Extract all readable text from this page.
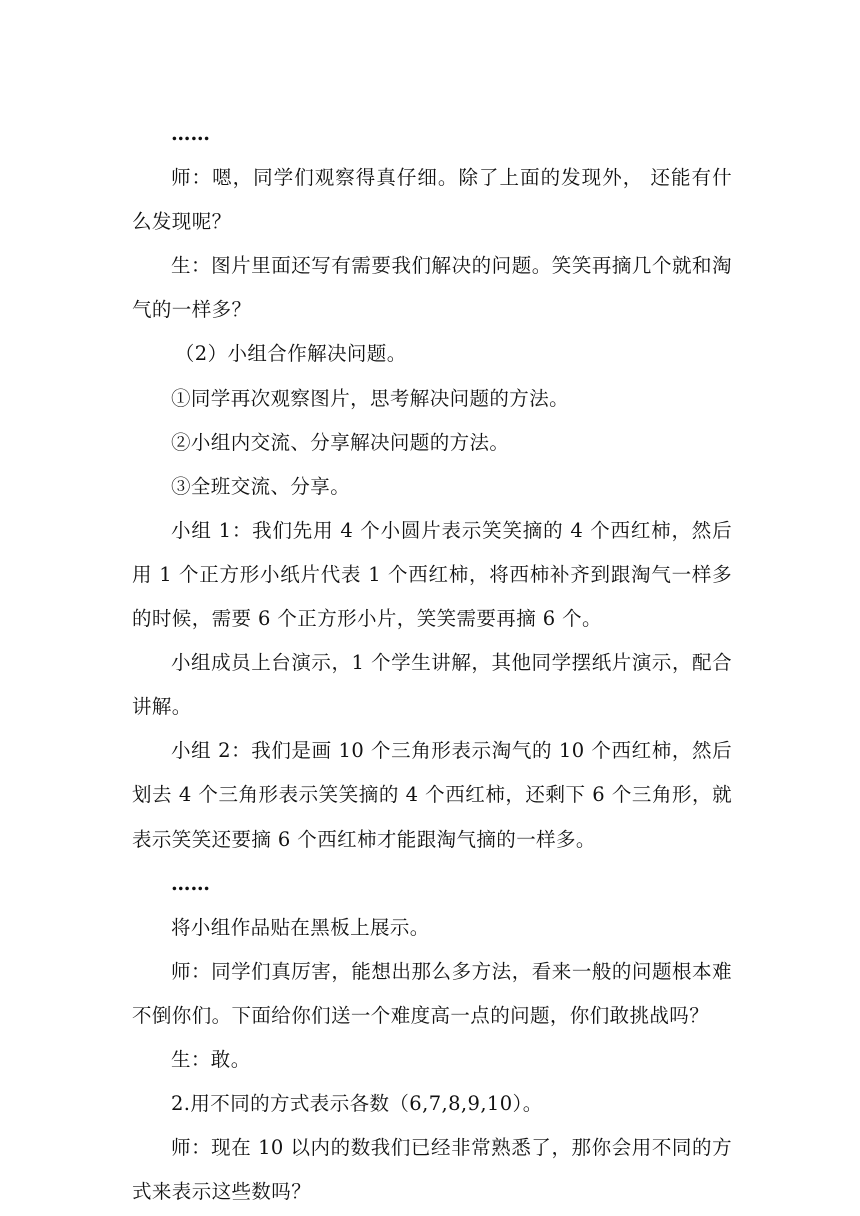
……

师：嗯，同学们观察得真仔细。除了上面的发现外， 还能有什么发现呢？

生：图片里面还写有需要我们解决的问题。笑笑再摘几个就和淘气的一样多？

（2）小组合作解决问题。

①同学再次观察图片，思考解决问题的方法。

②小组内交流、分享解决问题的方法。

③全班交流、分享。

小组 1：我们先用 4 个小圆片表示笑笑摘的 4 个西红柿，然后用 1 个正方形小纸片代表 1 个西红柿，将西柿补齐到跟淘气一样多的时候，需要 6 个正方形小片，笑笑需要再摘 6 个。

小组成员上台演示，1 个学生讲解，其他同学摆纸片演示，配合讲解。

小组 2：我们是画 10 个三角形表示淘气的 10 个西红柿，然后划去 4 个三角形表示笑笑摘的 4 个西红柿，还剩下 6 个三角形，就表示笑笑还要摘 6 个西红柿才能跟淘气摘的一样多。

……

将小组作品贴在黑板上展示。

师：同学们真厉害，能想出那么多方法，看来一般的问题根本难不倒你们。下面给你们送一个难度高一点的问题，你们敢挑战吗？

生：敢。

2.用不同的方式表示各数（6,7,8,9,10）。

师：现在 10 以内的数我们已经非常熟悉了，那你会用不同的方式来表示这些数吗？
